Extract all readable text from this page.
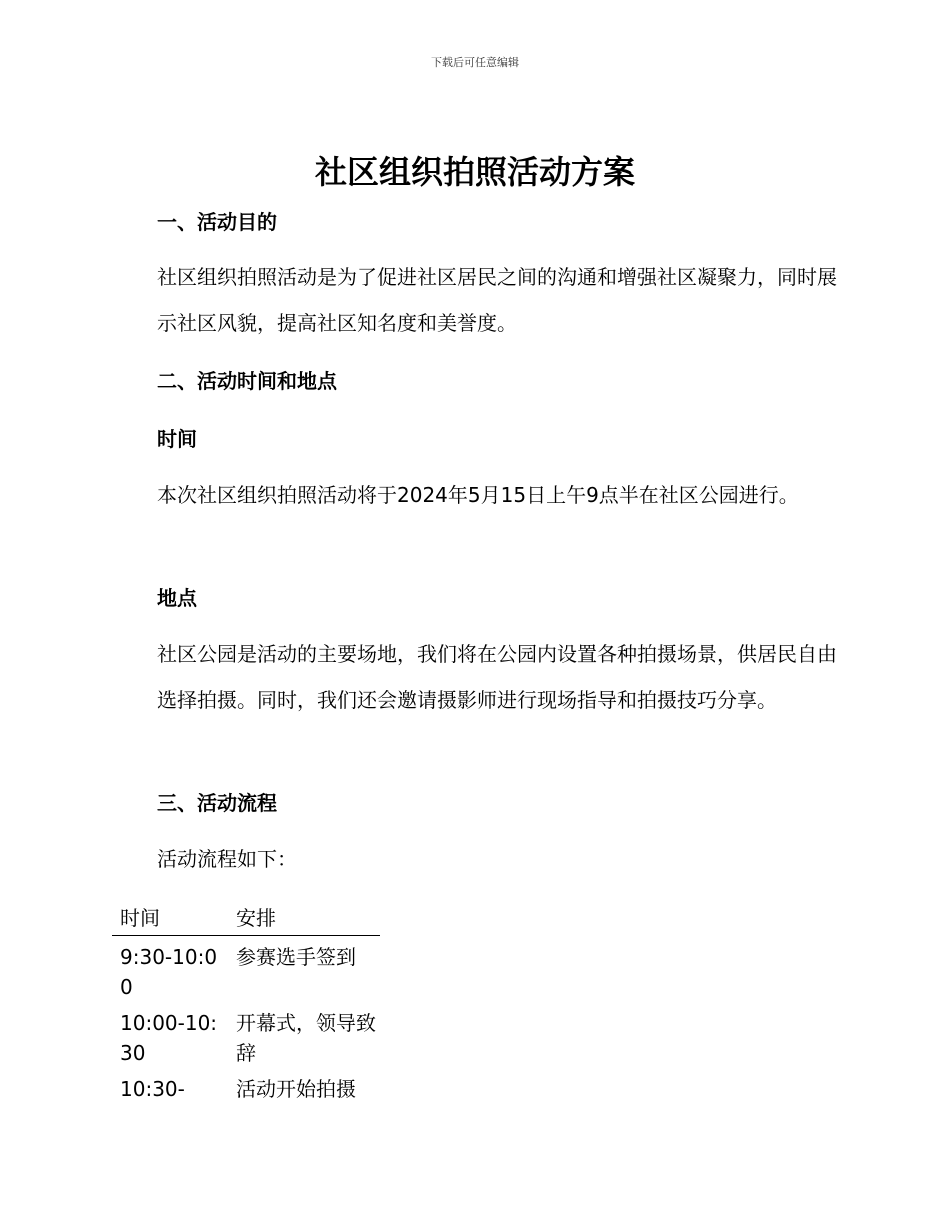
下载后可任意编辑
社区组织拍照活动方案
一、活动目的
社区组织拍照活动是为了促进社区居民之间的沟通和增强社区凝聚力，同时展示社区风貌，提高社区知名度和美誉度。
二、活动时间和地点
时间
本次社区组织拍照活动将于2024年5月15日上午9点半在社区公园进行。
地点
社区公园是活动的主要场地，我们将在公园内设置各种拍摄场景，供居民自由选择拍摄。同时，我们还会邀请摄影师进行现场指导和拍摄技巧分享。
三、活动流程
活动流程如下：
时间	安排
9:30-10:00	参赛选手签到
10:00-10:30	开幕式，领导致辞
10:30-	活动开始拍摄
